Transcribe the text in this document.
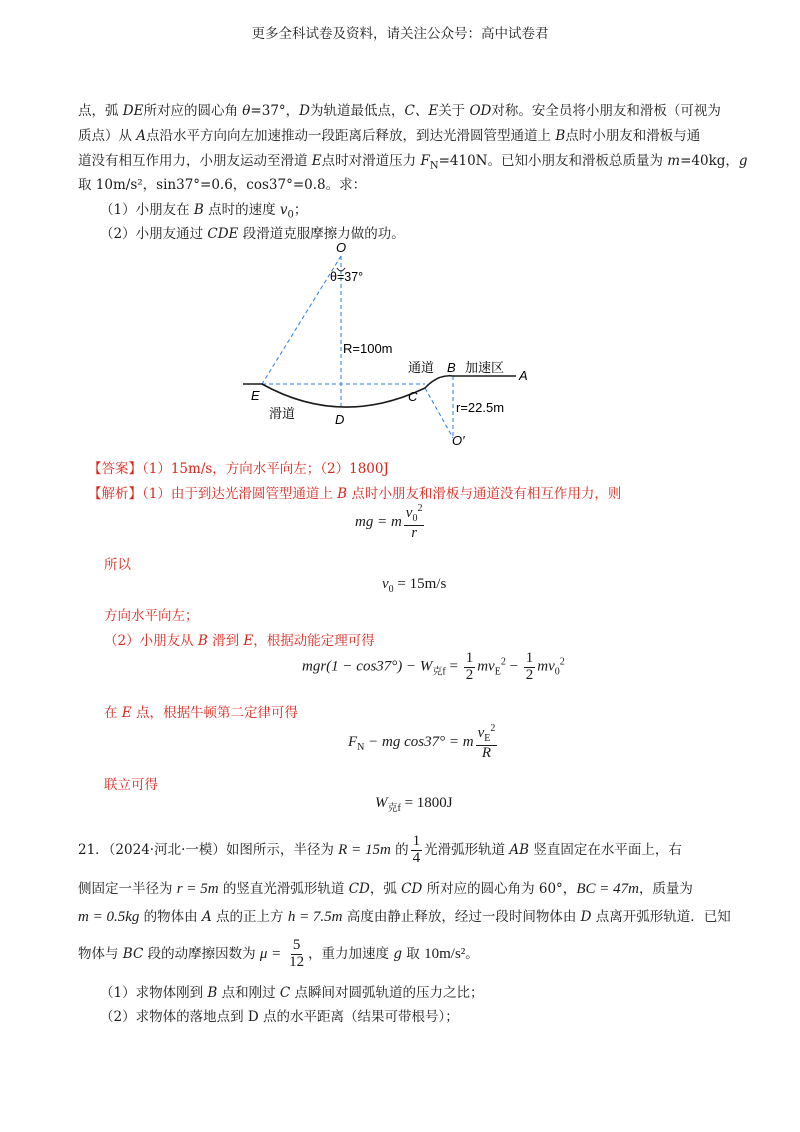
更多全科试卷及资料，请关注公众号：高中试卷君
点，弧 DE所对应的圆心角 θ=37°，D为轨道最低点，C、E关于 OD对称。安全员将小朋友和滑板（可视为
质点）从 A点沿水平方向向左加速推动一段距离后释放，到达光滑圆管型通道上 B点时小朋友和滑板与通
道没有相互作用力，小朋友运动至滑道 E点时对滑道压力 $F_N=410N$。已知小朋友和滑板总质量为 m=40kg，g
取 10m/s²，sin37°=0.6，cos37°=0.8。求：
（1）小朋友在 B 点时的速度 $v_0$；
（2）小朋友通过 CDE 段滑道克服摩擦力做的功。
O
θ=37°
R=100m
通道 B 加速区
A
E
D
C
滑道	r=22.5m
O′
【答案】（1）15m/s，方向水平向左；（2）1800J
【解析】（1）由于到达光滑圆管型通道上 B 点时小朋友和滑板与通道没有相互作用力，则
mg = m $\frac{v_0^2}{r}$
所以
$v_0 = 15m/s$
方向水平向左；
（2）小朋友从 B 滑到 E，根据动能定理可得
$mgr(1 - \cos 37^\circ) - W_{克f} = \frac{1}{2} mv_E^2 - \frac{1}{2} mv_0^2$
在 E 点，根据牛顿第二定律可得
$F_N$ − mg cos37° = m $\frac{v_E^2}{R}$
联立可得
$W_{克f} = 1800J$
21．（2024·河北·一模）如图所示，半径为 R = 15m 的 $\frac{1}{4}$ 光滑弧形轨道 AB 竖直固定在水平面上，右
侧固定一半径为 r = 5m 的竖直光滑弧形轨道 CD，弧 CD 所对应的圆心角为 60°，BC = 47m，质量为
m = 0.5kg 的物体由 A 点的正上方 h = 7.5m 高度由静止释放，经过一段时间物体由 D 点离开弧形轨道．已知
物体与 BC 段的动摩擦因数为 $\mu = \frac{5}{12}$ ，重力加速度 g 取 10m/s²。
（1）求物体刚到 B 点和刚过 C 点瞬间对圆弧轨道的压力之比；
（2）求物体的落地点到 D 点的水平距离（结果可带根号）；
